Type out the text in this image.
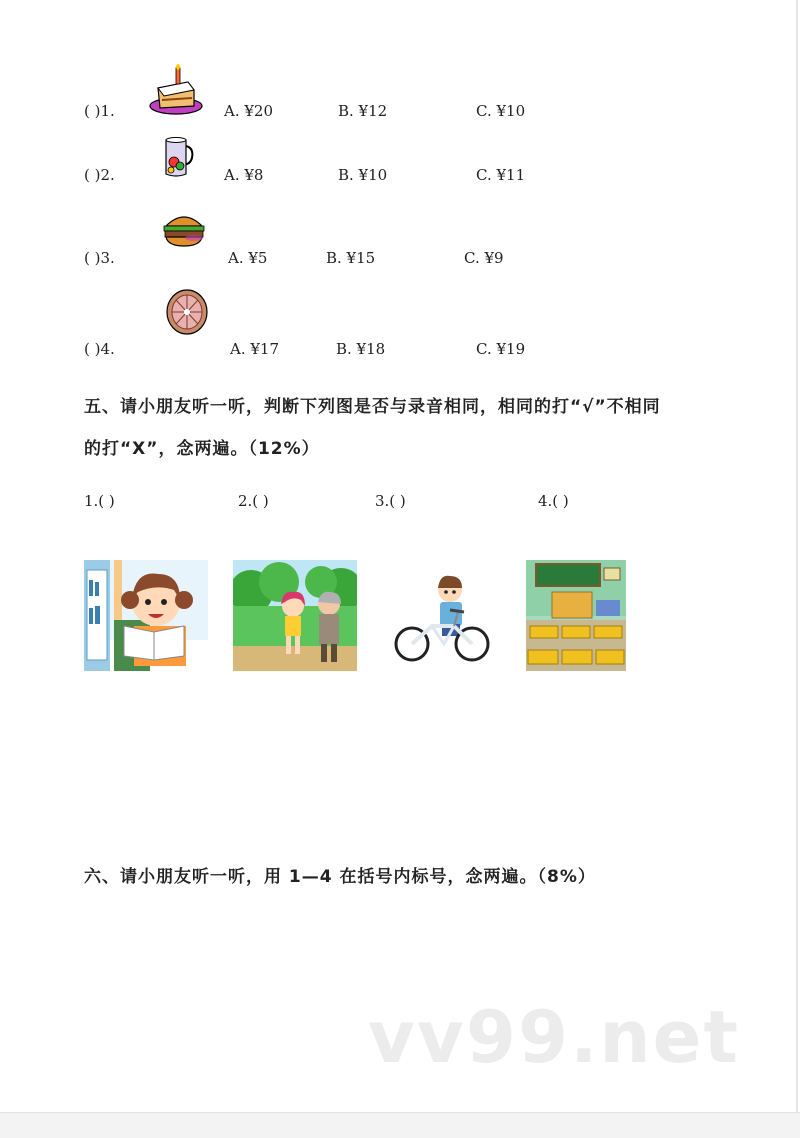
( )1.	A. ¥20	B. ¥12	C. ¥10
( )2.	A. ¥8	B. ¥10	C. ¥11
( )3.	A. ¥5	B. ¥15	C. ¥9
( )4.	A. ¥17	B. ¥18	C. ¥19
五、请小朋友听一听，判断下列图是否与录音相同，相同的打“√”不相同
的打“X”，念两遍。（12%）
1.( )	2.( )	3.( )	4.( )
六、请小朋友听一听，用 1—4 在括号内标号，念两遍。（8%）
vv99.net
